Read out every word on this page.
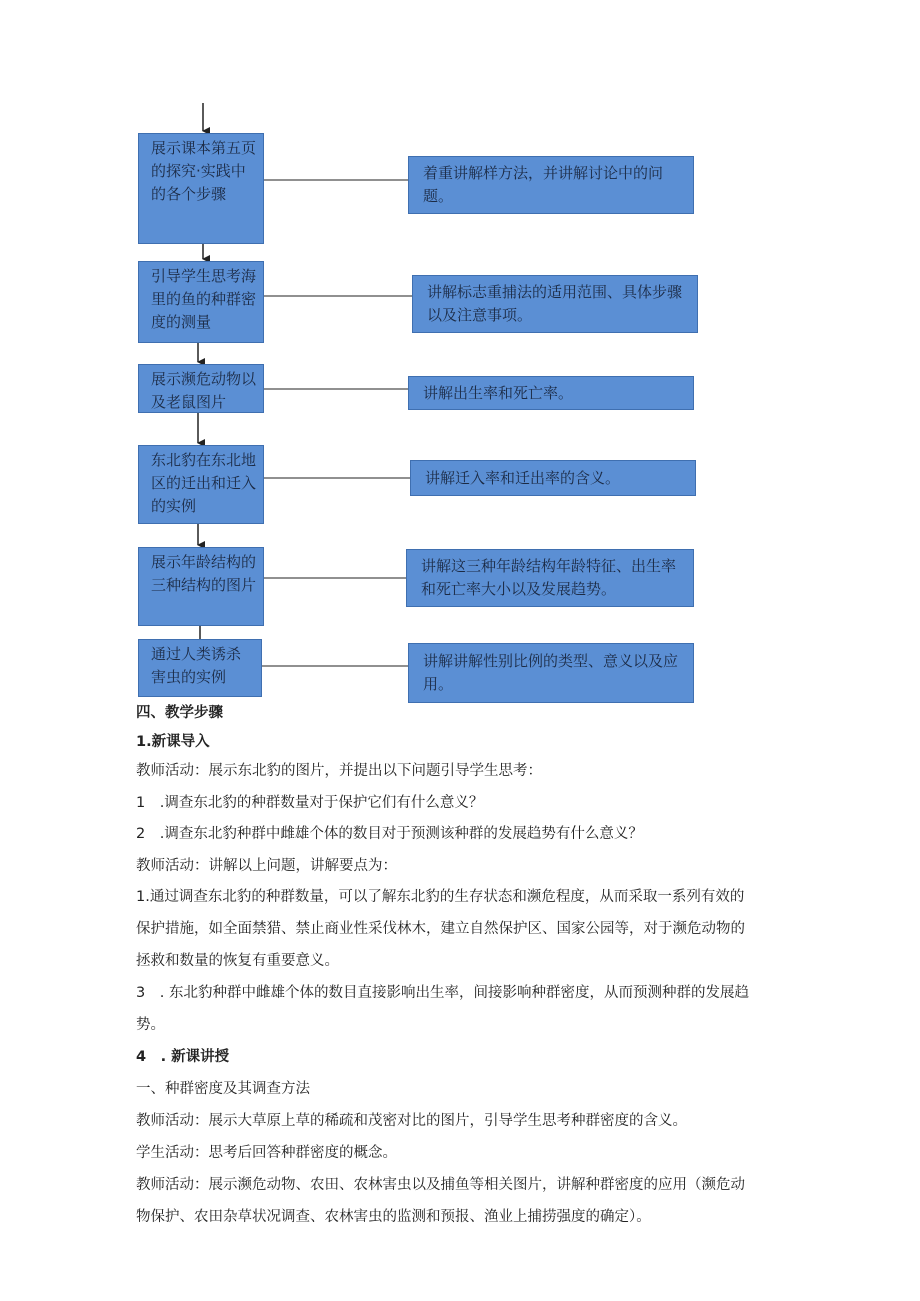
展示课本第五页的探究·实践中的各个步骤
引导学生思考海里的鱼的种群密度的测量
展示濒危动物以及老鼠图片
东北豹在东北地区的迁出和迁入的实例
展示年龄结构的三种结构的图片
通过人类诱杀害虫的实例
着重讲解样方法，并讲解讨论中的问题。
讲解标志重捕法的适用范围、具体步骤以及注意事项。
讲解出生率和死亡率。
讲解迁入率和迁出率的含义。
讲解这三种年龄结构年龄特征、出生率和死亡率大小以及发展趋势。
讲解讲解性别比例的类型、意义以及应用。
四、教学步骤
1.新课导入
教师活动：展示东北豹的图片，并提出以下问题引导学生思考：
1　.调查东北豹的种群数量对于保护它们有什么意义？
2　.调查东北豹种群中雌雄个体的数目对于预测该种群的发展趋势有什么意义？
教师活动：讲解以上问题，讲解要点为：
1.通过调查东北豹的种群数量，可以了解东北豹的生存状态和濒危程度，从而采取一系列有效的
保护措施，如全面禁猎、禁止商业性采伐林木，建立自然保护区、国家公园等，对于濒危动物的
拯救和数量的恢复有重要意义。
3　. 东北豹种群中雌雄个体的数目直接影响出生率，间接影响种群密度，从而预测种群的发展趋
势。
4　. 新课讲授
一、种群密度及其调查方法
教师活动：展示大草原上草的稀疏和茂密对比的图片，引导学生思考种群密度的含义。
学生活动：思考后回答种群密度的概念。
教师活动：展示濒危动物、农田、农林害虫以及捕鱼等相关图片，讲解种群密度的应用（濒危动
物保护、农田杂草状况调查、农林害虫的监测和预报、渔业上捕捞强度的确定）。
